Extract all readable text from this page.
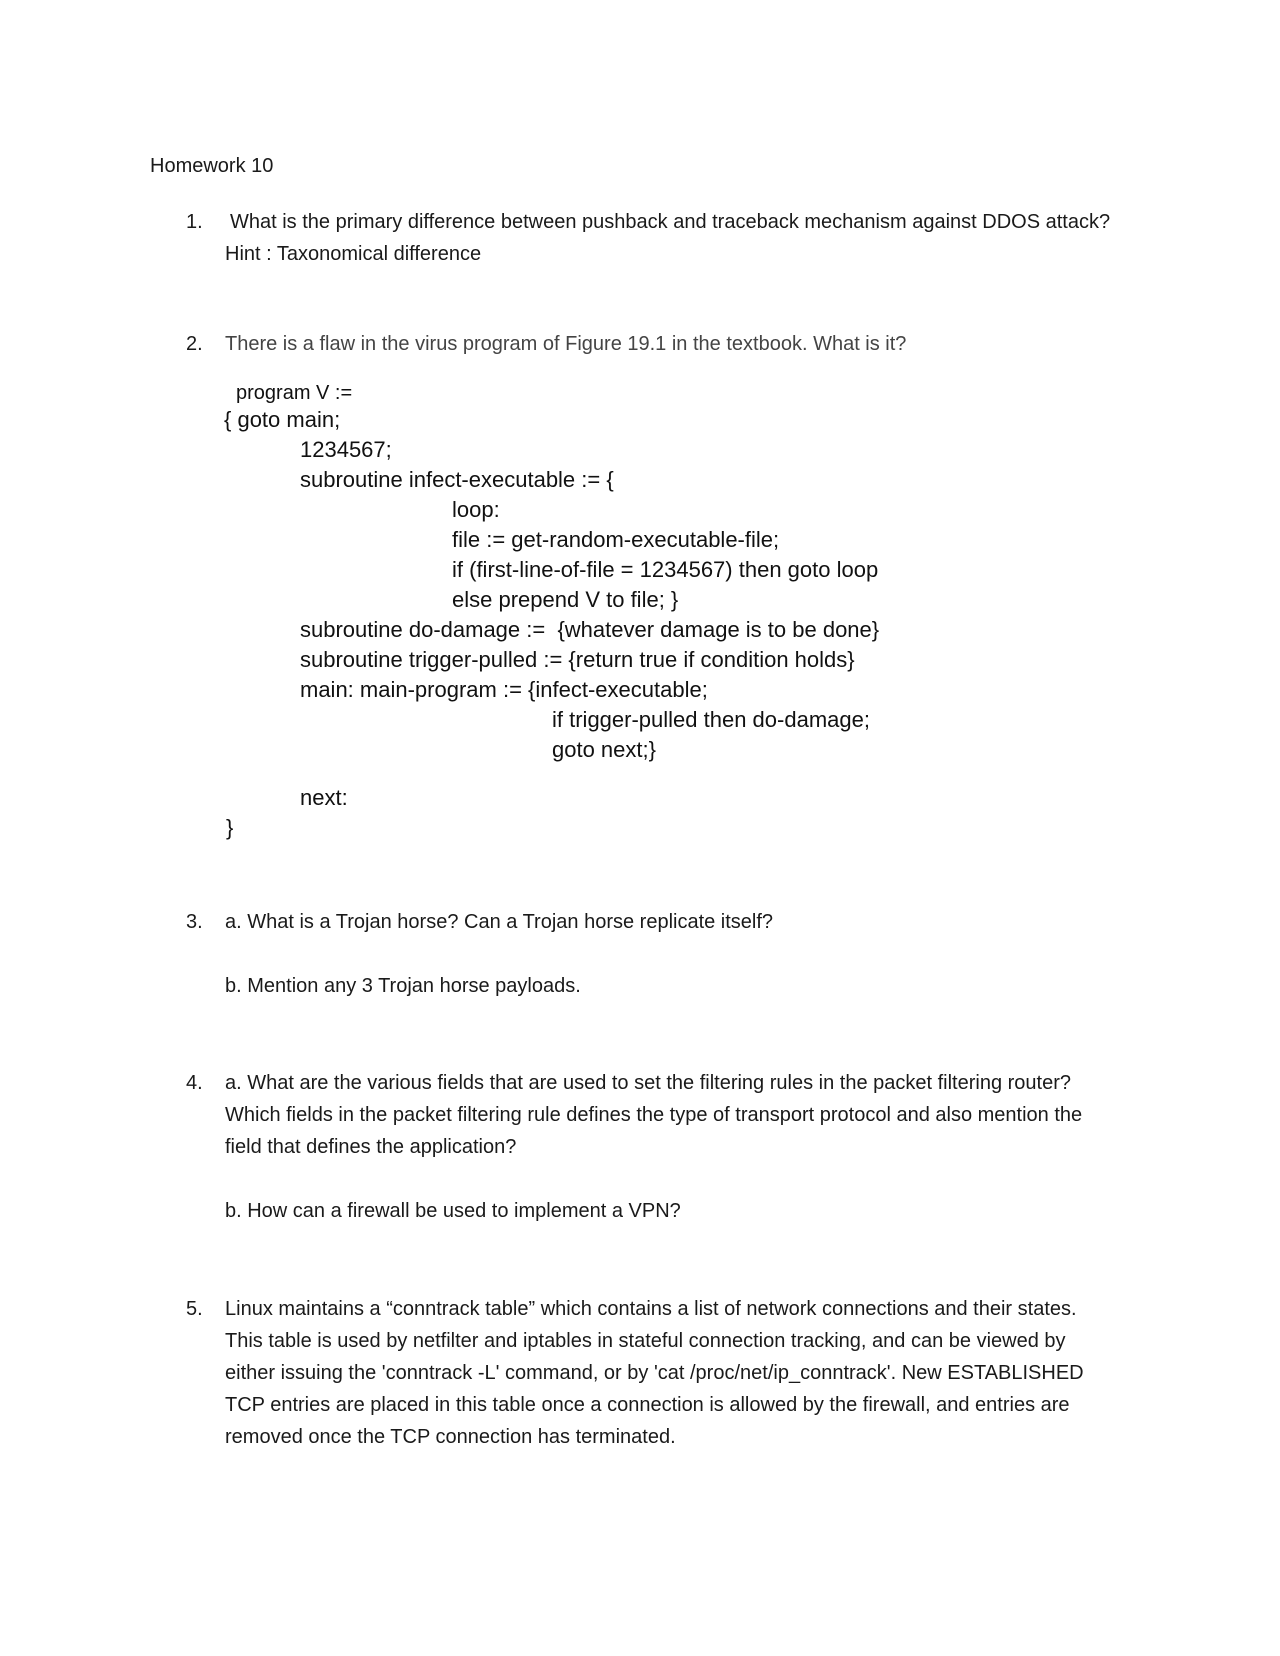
Homework 10
1.	What is the primary difference between pushback and traceback mechanism against DDOS attack? Hint : Taxonomical difference

2.	There is a flaw in the virus program of Figure 19.1 in the textbook. What is it?

program V :=
{ goto main;
1234567;
subroutine infect-executable := {
loop:
file := get-random-executable-file;
if (first-line-of-file = 1234567) then goto loop
else prepend V to file; }
subroutine do-damage :=  {whatever damage is to be done}
subroutine trigger-pulled := {return true if condition holds}
main: main-program := {infect-executable;
if trigger-pulled then do-damage;
goto next;}
next:
}
3.	a. What is a Trojan horse? Can a Trojan horse replicate itself?

b. Mention any 3 Trojan horse payloads.

4.	a. What are the various fields that are used to set the filtering rules in the packet filtering router? Which fields in the packet filtering rule defines the type of transport protocol and also mention the field that defines the application?

b. How can a firewall be used to implement a VPN?

5.	Linux maintains a “conntrack table” which contains a list of network connections and their states. This table is used by netfilter and iptables in stateful connection tracking, and can be viewed by either issuing the 'conntrack -L' command, or by 'cat /proc/net/ip_conntrack'. New ESTABLISHED TCP entries are placed in this table once a connection is allowed by the firewall, and entries are removed once the TCP connection has terminated.
